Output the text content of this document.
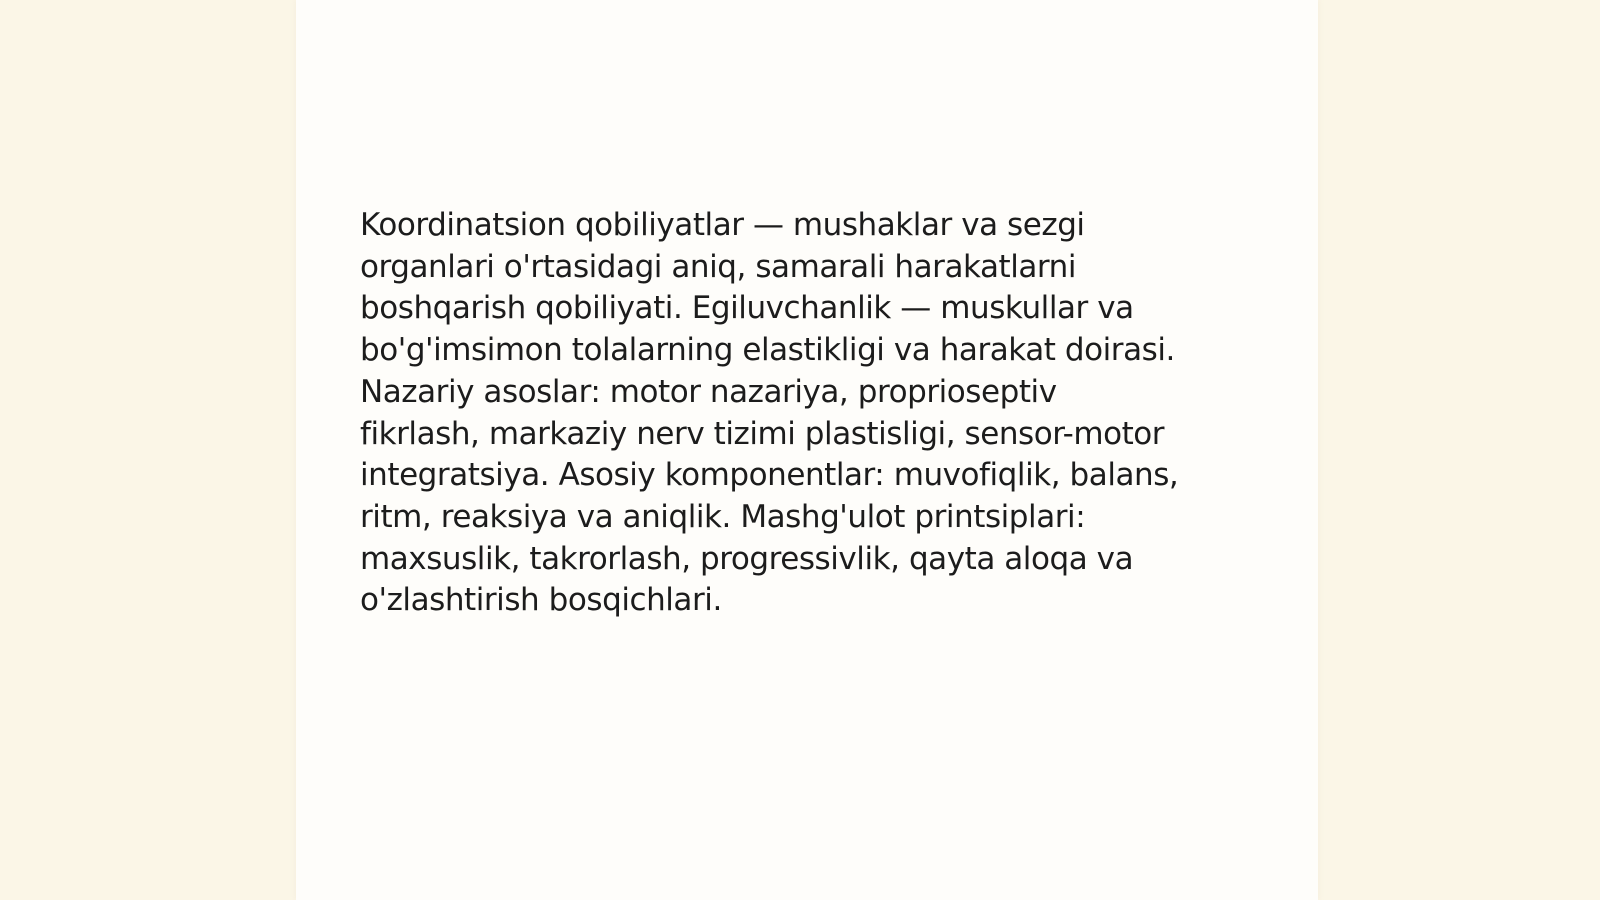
Koordinatsion qobiliyatlar — mushaklar va sezgi
organlari o'rtasidagi aniq, samarali harakatlarni
boshqarish qobiliyati. Egiluvchanlik — muskullar va
bo'g'imsimon tolalarning elastikligi va harakat doirasi.
Nazariy asoslar: motor nazariya, proprioseptiv
fikrlash, markaziy nerv tizimi plastisligi, sensor-motor
integratsiya. Asosiy komponentlar: muvofiqlik, balans,
ritm, reaksiya va aniqlik. Mashg'ulot printsiplari:
maxsuslik, takrorlash, progressivlik, qayta aloqa va
o'zlashtirish bosqichlari.
